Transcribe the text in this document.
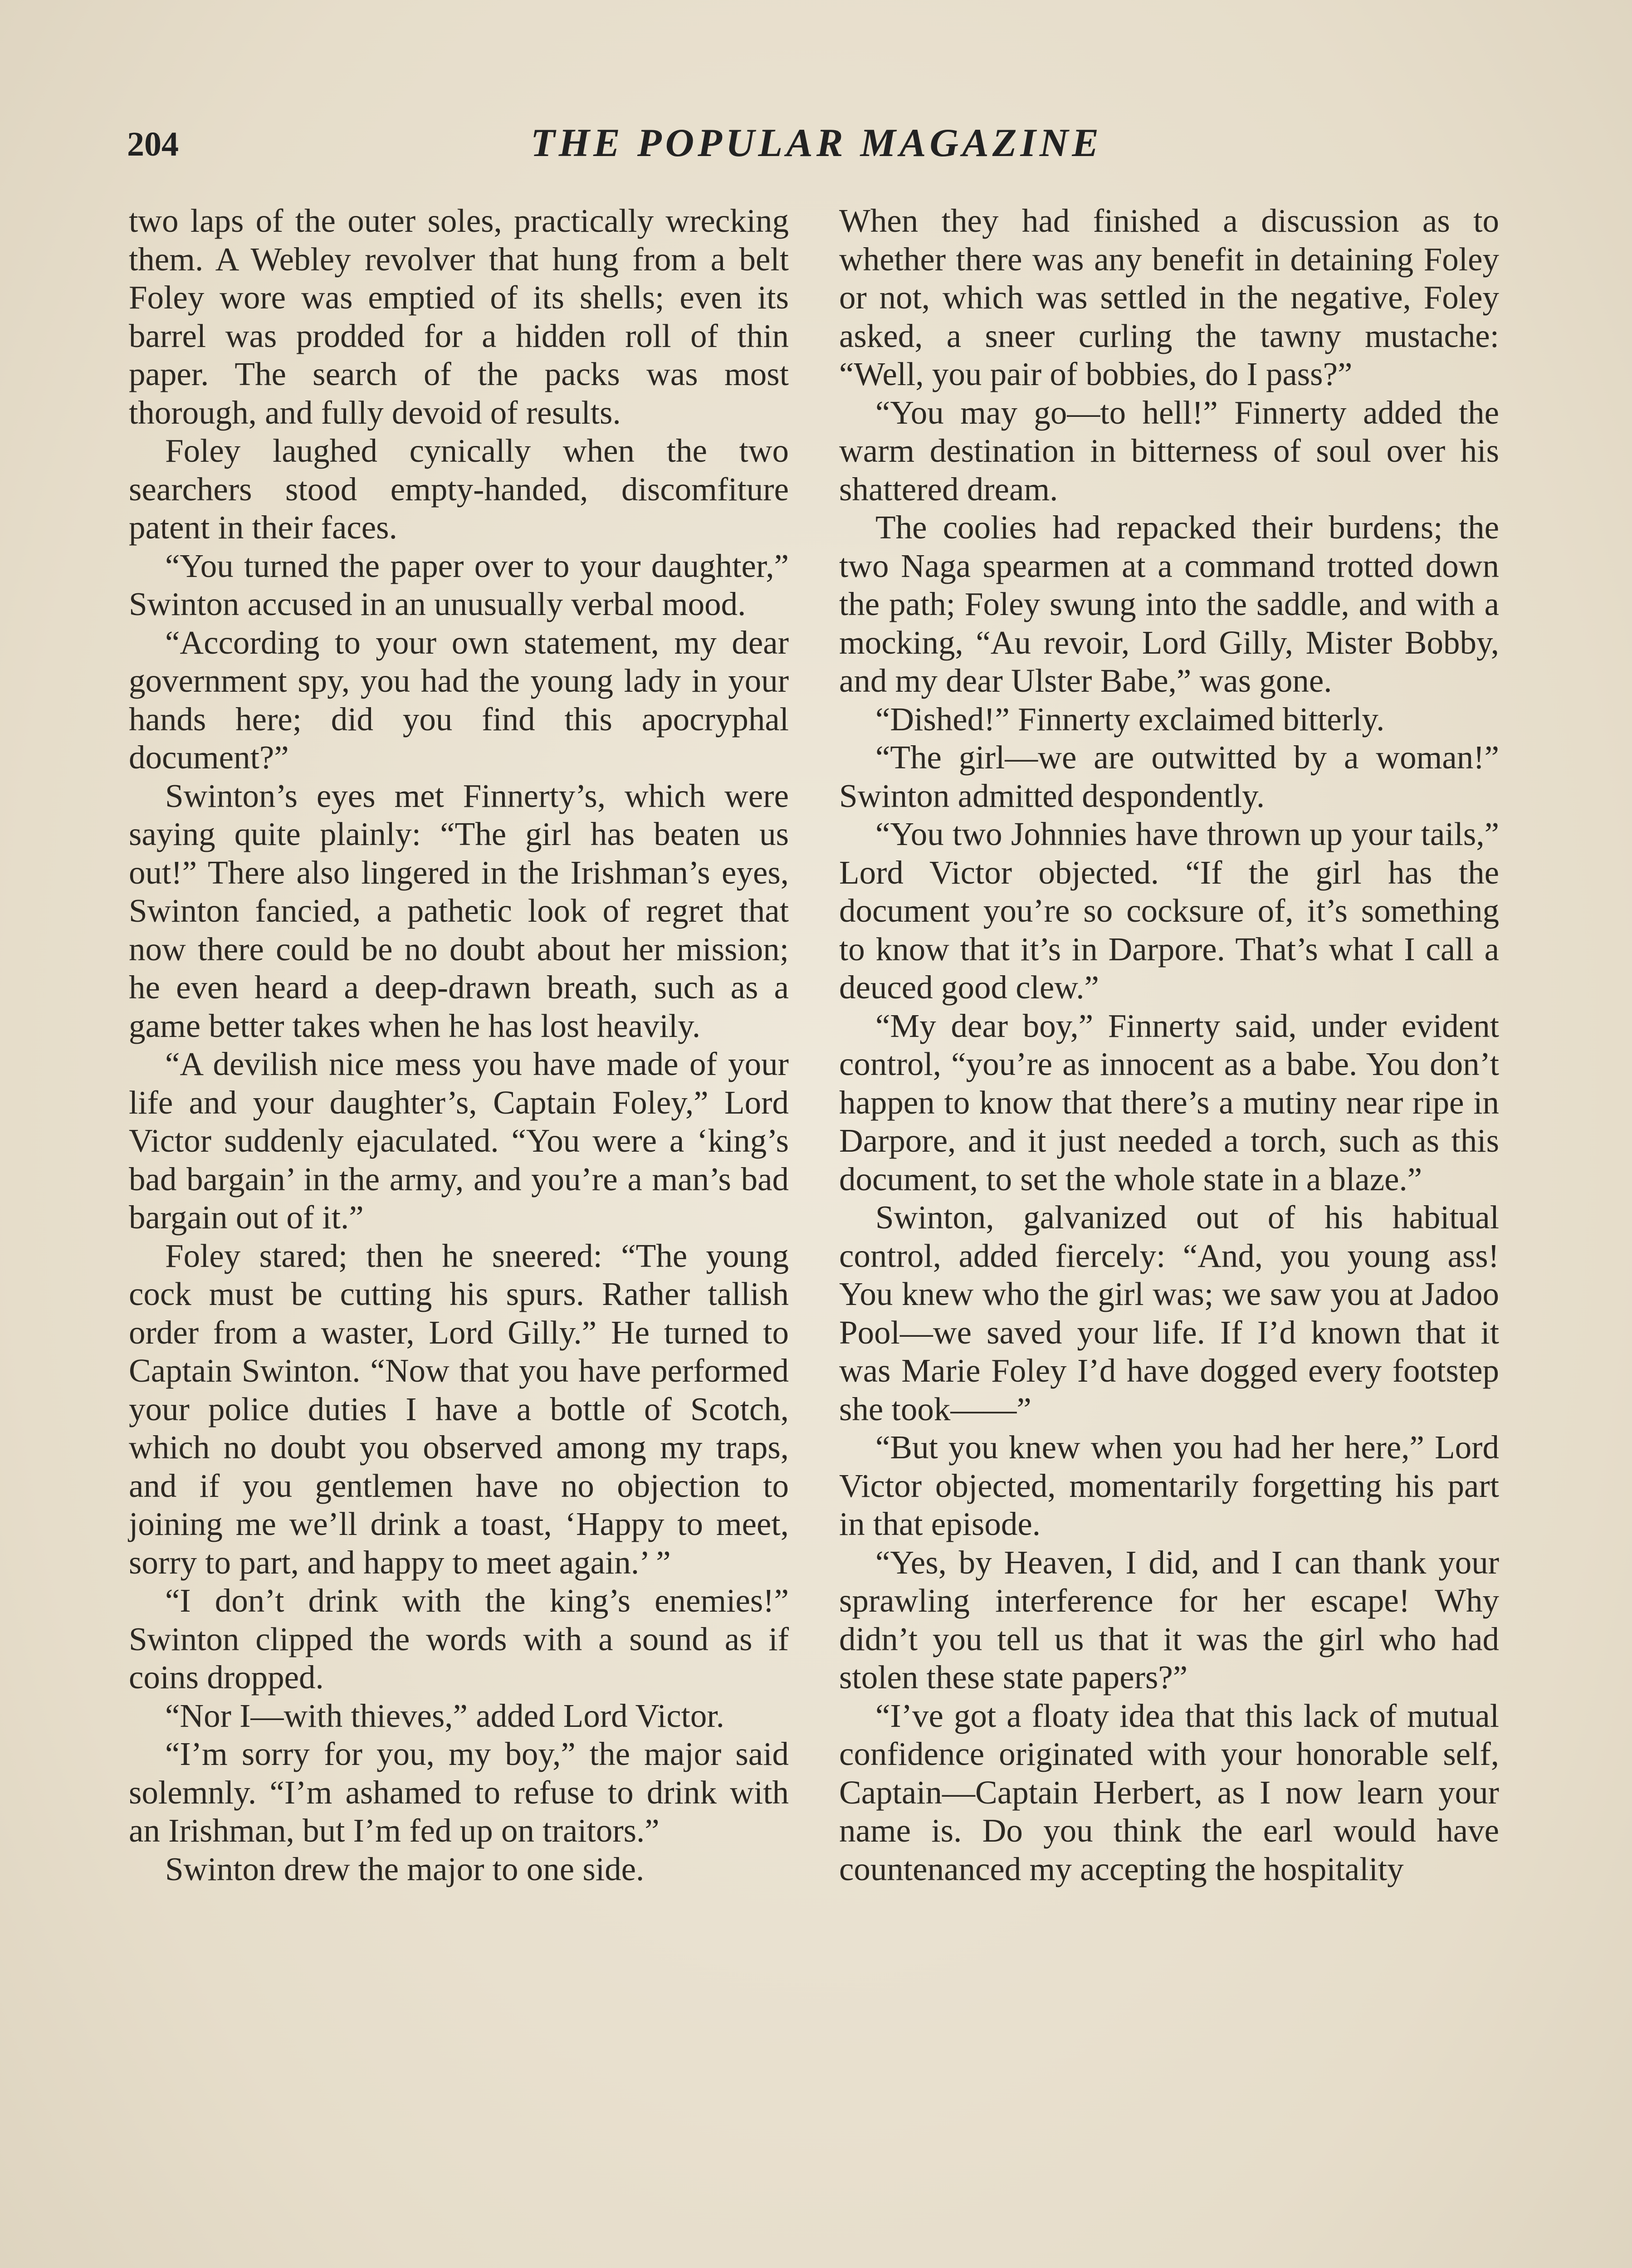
204	THE POPULAR MAGAZINE

two laps of the outer soles, practically wrecking them. A Webley revolver that hung from a belt Foley wore was emptied of its shells; even its barrel was prodded for a hidden roll of thin paper. The search of the packs was most thorough, and fully devoid of results.

Foley laughed cynically when the two searchers stood empty-handed, discomfiture patent in their faces.

“You turned the paper over to your daughter,” Swinton accused in an unusually verbal mood.

“According to your own statement, my dear government spy, you had the young lady in your hands here; did you find this apocryphal document?”

Swinton’s eyes met Finnerty’s, which were saying quite plainly: “The girl has beaten us out!” There also lingered in the Irishman’s eyes, Swinton fancied, a pathetic look of regret that now there could be no doubt about her mission; he even heard a deep-drawn breath, such as a game better takes when he has lost heavily.

“A devilish nice mess you have made of your life and your daughter’s, Captain Foley,” Lord Victor suddenly ejaculated. “You were a ‘king’s bad bargain’ in the army, and you’re a man’s bad bargain out of it.”

Foley stared; then he sneered: “The young cock must be cutting his spurs. Rather tallish order from a waster, Lord Gilly.” He turned to Captain Swinton. “Now that you have performed your police duties I have a bottle of Scotch, which no doubt you observed among my traps, and if you gentlemen have no objection to joining me we’ll drink a toast, ‘Happy to meet, sorry to part, and happy to meet again.’ ”

“I don’t drink with the king’s enemies!” Swinton clipped the words with a sound as if coins dropped.

“Nor I—with thieves,” added Lord Victor.

“I’m sorry for you, my boy,” the major said solemnly. “I’m ashamed to refuse to drink with an Irishman, but I’m fed up on traitors.”

Swinton drew the major to one side.

When they had finished a discussion as to whether there was any benefit in detaining Foley or not, which was settled in the negative, Foley asked, a sneer curling the tawny mustache: “Well, you pair of bobbies, do I pass?”

“You may go—to hell!” Finnerty added the warm destination in bitterness of soul over his shattered dream.

The coolies had repacked their burdens; the two Naga spearmen at a command trotted down the path; Foley swung into the saddle, and with a mocking, “Au revoir, Lord Gilly, Mister Bobby, and my dear Ulster Babe,” was gone.

“Dished!” Finnerty exclaimed bitterly.

“The girl—we are outwitted by a woman!” Swinton admitted despondently.

“You two Johnnies have thrown up your tails,” Lord Victor objected. “If the girl has the document you’re so cocksure of, it’s something to know that it’s in Darpore. That’s what I call a deuced good clew.”

“My dear boy,” Finnerty said, under evident control, “you’re as innocent as a babe. You don’t happen to know that there’s a mutiny near ripe in Darpore, and it just needed a torch, such as this document, to set the whole state in a blaze.”

Swinton, galvanized out of his habitual control, added fiercely: “And, you young ass! You knew who the girl was; we saw you at Jadoo Pool—we saved your life. If I’d known that it was Marie Foley I’d have dogged every footstep she took——”

“But you knew when you had her here,” Lord Victor objected, momentarily forgetting his part in that episode.

“Yes, by Heaven, I did, and I can thank your sprawling interference for her escape! Why didn’t you tell us that it was the girl who had stolen these state papers?”

“I’ve got a floaty idea that this lack of mutual confidence originated with your honorable self, Captain—Captain Herbert, as I now learn your name is. Do you think the earl would have countenanced my accepting the hospitality
